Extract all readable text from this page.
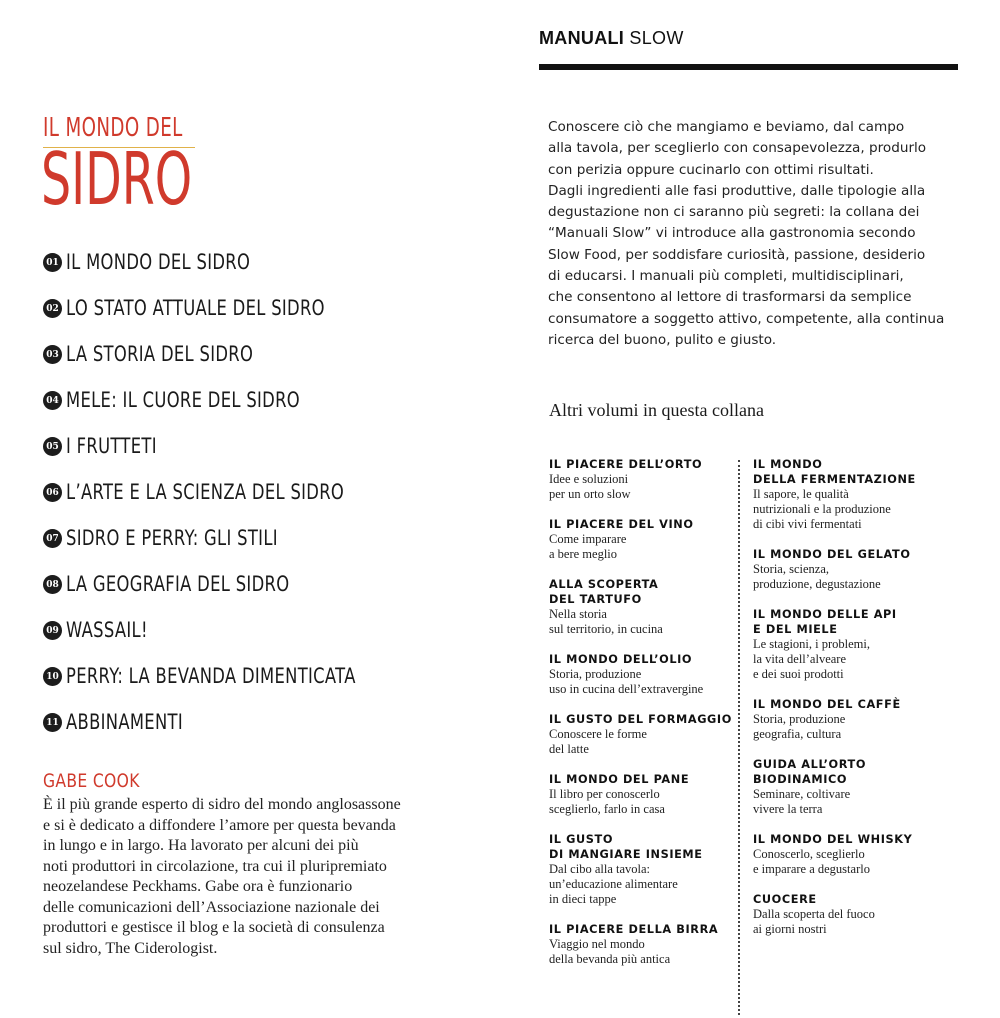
MANUALI SLOW
IL MONDO DEL
SIDRO
01 IL MONDO DEL SIDRO
02 LO STATO ATTUALE DEL SIDRO
03 LA STORIA DEL SIDRO
04 MELE: IL CUORE DEL SIDRO
05 I FRUTTETI
06 L’ARTE E LA SCIENZA DEL SIDRO
07 SIDRO E PERRY: GLI STILI
08 LA GEOGRAFIA DEL SIDRO
09 WASSAIL!
10 PERRY: LA BEVANDA DIMENTICATA
11 ABBINAMENTI
GABE COOK
È il più grande esperto di sidro del mondo anglosassone
e si è dedicato a diffondere l’amore per questa bevanda
in lungo e in largo. Ha lavorato per alcuni dei più
noti produttori in circolazione, tra cui il pluripremiato
neozelandese Peckhams. Gabe ora è funzionario
delle comunicazioni dell’Associazione nazionale dei
produttori e gestisce il blog e la società di consulenza
sul sidro, The Ciderologist.
Conoscere ciò che mangiamo e beviamo, dal campo
alla tavola, per sceglierlo con consapevolezza, produrlo
con perizia oppure cucinarlo con ottimi risultati.
Dagli ingredienti alle fasi produttive, dalle tipologie alla
degustazione non ci saranno più segreti: la collana dei
“Manuali Slow” vi introduce alla gastronomia secondo
Slow Food, per soddisfare curiosità, passione, desiderio
di educarsi. I manuali più completi, multidisciplinari,
che consentono al lettore di trasformarsi da semplice
consumatore a soggetto attivo, competente, alla continua
ricerca del buono, pulito e giusto.
Altri volumi in questa collana
IL PIACERE DELL’ORTO
Idee e soluzioni
per un orto slow
IL PIACERE DEL VINO
Come imparare
a bere meglio
ALLA SCOPERTA
DEL TARTUFO
Nella storia
sul territorio, in cucina
IL MONDO DELL’OLIO
Storia, produzione
uso in cucina dell’extravergine
IL GUSTO DEL FORMAGGIO
Conoscere le forme
del latte
IL MONDO DEL PANE
Il libro per conoscerlo
sceglierlo, farlo in casa
IL GUSTO
DI MANGIARE INSIEME
Dal cibo alla tavola:
un’educazione alimentare
in dieci tappe
IL PIACERE DELLA BIRRA
Viaggio nel mondo
della bevanda più antica
IL MONDO
DELLA FERMENTAZIONE
Il sapore, le qualità
nutrizionali e la produzione
di cibi vivi fermentati
IL MONDO DEL GELATO
Storia, scienza,
produzione, degustazione
IL MONDO DELLE API
E DEL MIELE
Le stagioni, i problemi,
la vita dell’alveare
e dei suoi prodotti
IL MONDO DEL CAFFÈ
Storia, produzione
geografia, cultura
GUIDA ALL’ORTO
BIODINAMICO
Seminare, coltivare
vivere la terra
IL MONDO DEL WHISKY
Conoscerlo, sceglierlo
e imparare a degustarlo
CUOCERE
Dalla scoperta del fuoco
ai giorni nostri
